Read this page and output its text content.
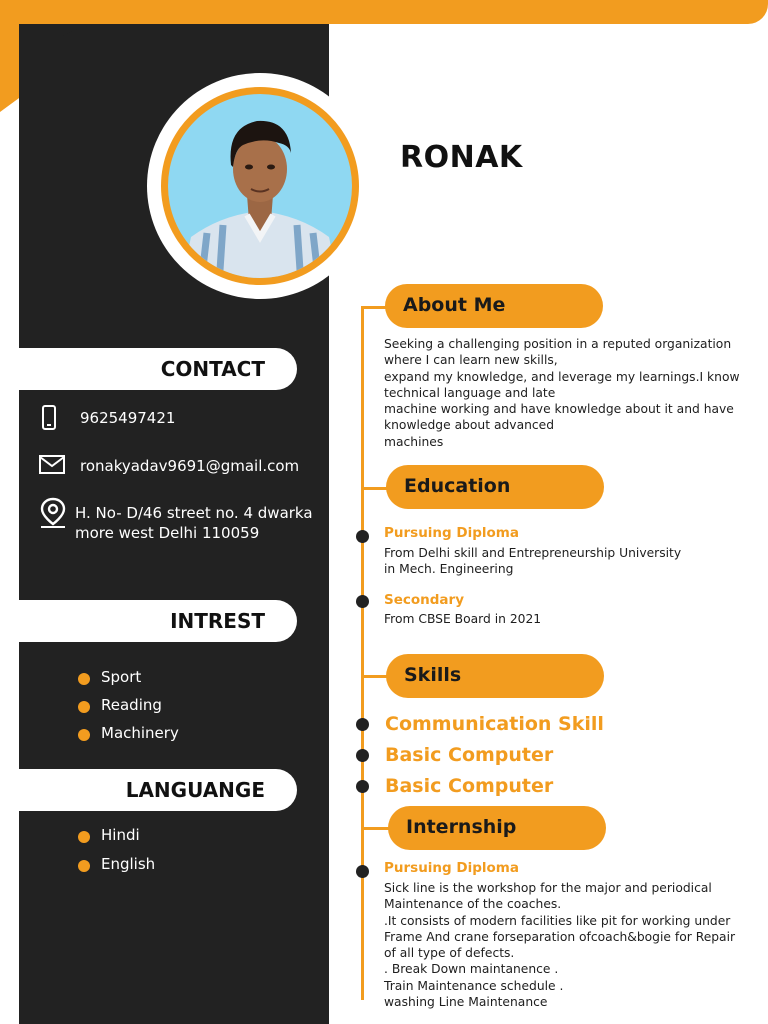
RONAK
CONTACT
9625497421
ronakyadav9691@gmail.com
H. No- D/46 street no. 4 dwarka more west Delhi 110059
INTREST
Sport
Reading
Machinery
LANGUANGE
Hindi
English
About Me
Seeking a challenging position in a reputed organization
where I can learn new skills,
expand my knowledge, and leverage my learnings.I know
technical language and late
machine working and have knowledge about it and have
knowledge about advanced
machines
Education
Pursuing Diploma
From Delhi skill and Entrepreneurship University
in Mech. Engineering
Secondary
From CBSE Board in 2021
Skills
Communication Skill
Basic Computer
Basic Computer
Internship
Pursuing Diploma
Sick line is the workshop for the major and periodical
Maintenance of the coaches.
.It consists of modern facilities like pit for working under
Frame And crane forseparation ofcoach&bogie for Repair
of all type of defects.
. Break Down maintanence .
Train Maintenance schedule .
washing Line Maintenance
